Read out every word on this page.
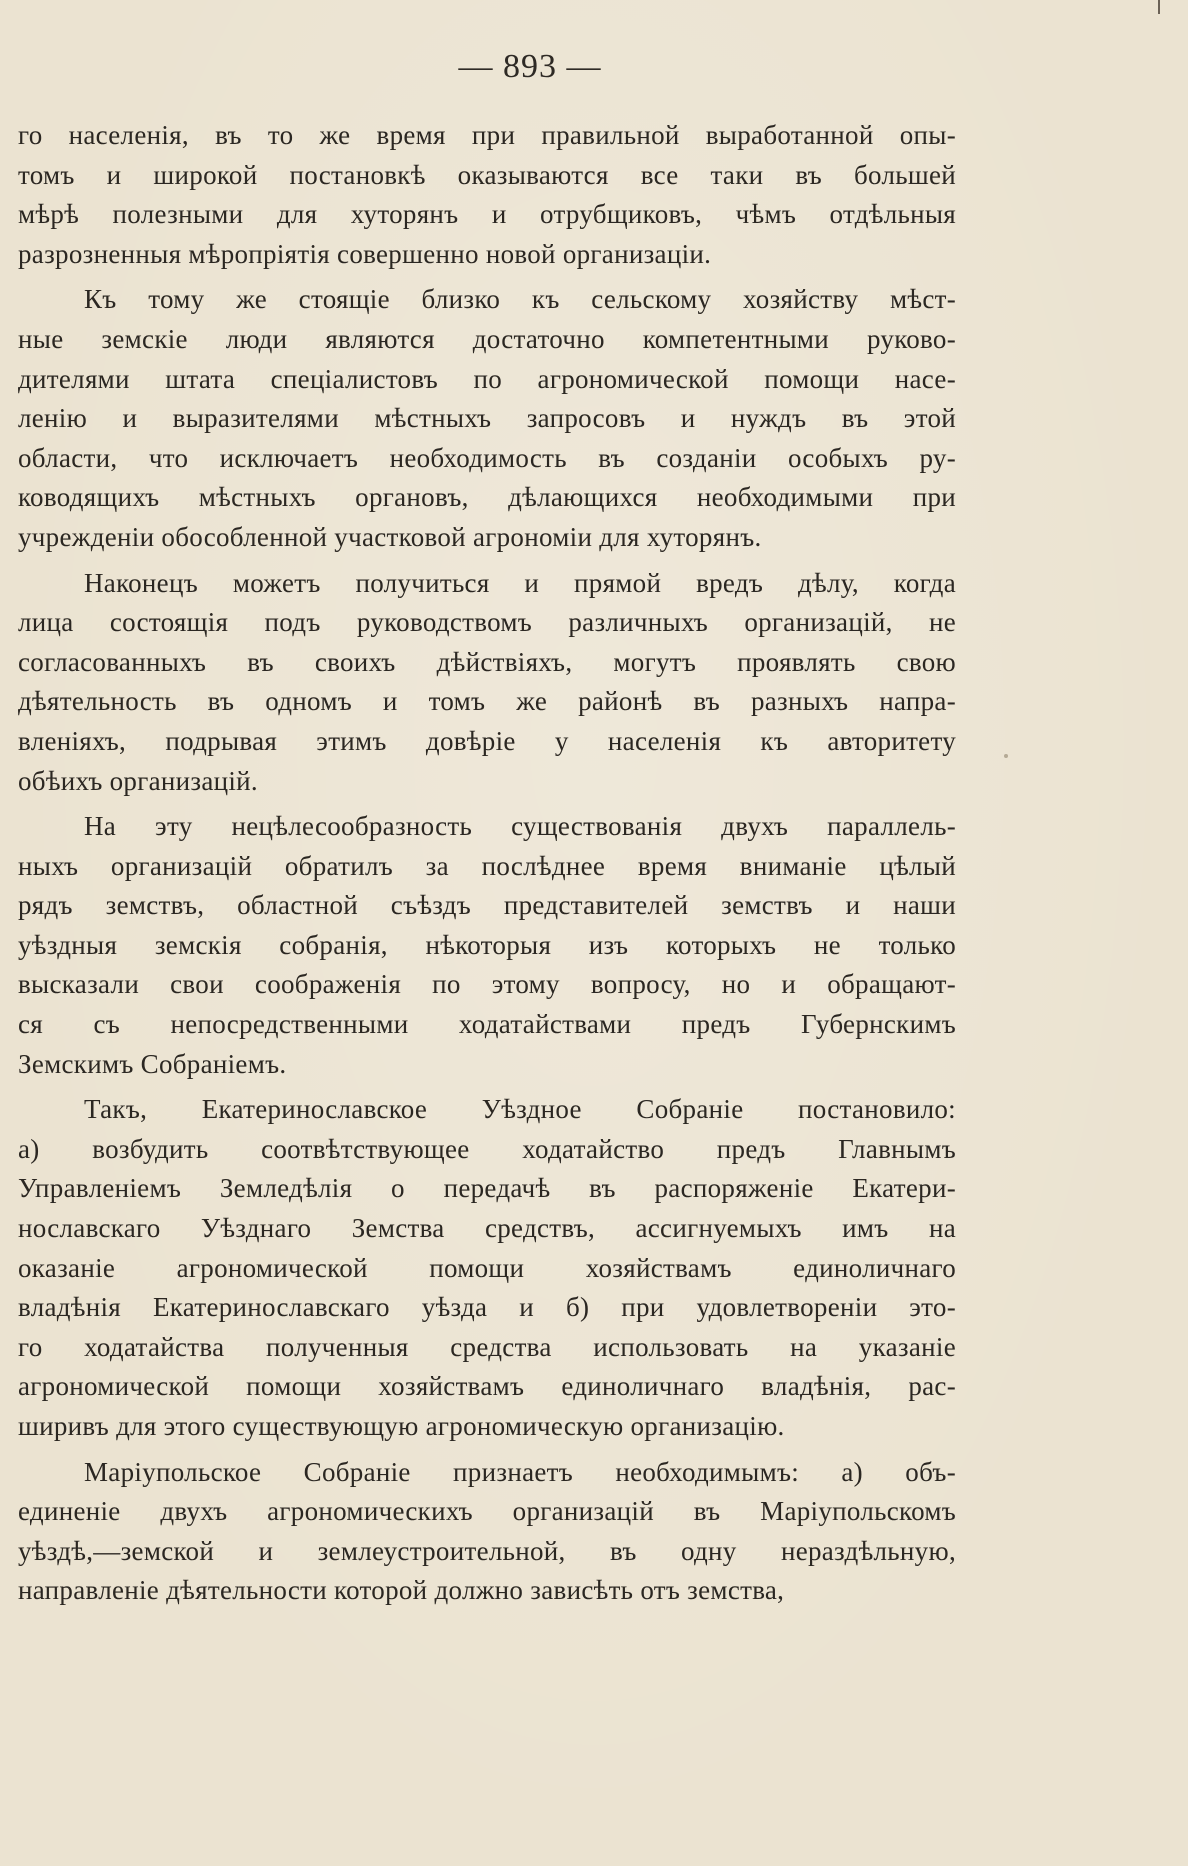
— 893 —
го населенія, въ то же время при правильной выработанной опы-
томъ и широкой постановкѣ оказываются все таки въ большей
мѣрѣ полезными для хуторянъ и отрубщиковъ, чѣмъ отдѣльныя
разрозненныя мѣропріятія совершенно новой организаціи.
Къ тому же стоящіе близко къ сельскому хозяйству мѣст-
ные земскіе люди являются достаточно компетентными руково-
дителями штата спеціалистовъ по агрономической помощи насе-
ленію и выразителями мѣстныхъ запросовъ и нуждъ въ этой
области, что исключаетъ необходимость въ созданіи особыхъ ру-
ководящихъ мѣстныхъ органовъ, дѣлающихся необходимыми при
учрежденіи обособленной участковой агрономіи для хуторянъ.
Наконецъ можетъ получиться и прямой вредъ дѣлу, когда
лица состоящія подъ руководствомъ различныхъ организацій, не
согласованныхъ въ своихъ дѣйствіяхъ, могутъ проявлять свою
дѣятельность въ одномъ и томъ же районѣ въ разныхъ напра-
вленіяхъ, подрывая этимъ довѣріе у населенія къ авторитету
обѣихъ организацій.
На эту нецѣлесообразность существованія двухъ параллель-
ныхъ организацій обратилъ за послѣднее время вниманіе цѣлый
рядъ земствъ, областной съѣздъ представителей земствъ и наши
уѣздныя земскія собранія, нѣкоторыя изъ которыхъ не только
высказали свои соображенія по этому вопросу, но и обращают-
ся съ непосредственными ходатайствами предъ Губернскимъ
Земскимъ Собраніемъ.
Такъ, Екатеринославское Уѣздное Собраніе постановило:
а) возбудить соотвѣтствующее ходатайство предъ Главнымъ
Управленіемъ Земледѣлія о передачѣ въ распоряженіе Екатери-
нославскаго Уѣзднаго Земства средствъ, ассигнуемыхъ имъ на
оказаніе агрономической помощи хозяйствамъ единоличнаго
владѣнія Екатеринославскаго уѣзда и б) при удовлетвореніи это-
го ходатайства полученныя средства использовать на указаніе
агрономической помощи хозяйствамъ единоличнаго владѣнія, рас-
ширивъ для этого существующую агрономическую организацію.
Маріупольское Собраніе признаетъ необходимымъ: а) объ-
единеніе двухъ агрономическихъ организацій въ Маріупольскомъ
уѣздѣ,—земской и землеустроительной, въ одну нераздѣльную,
направленіе дѣятельности которой должно зависѣть отъ земства,
